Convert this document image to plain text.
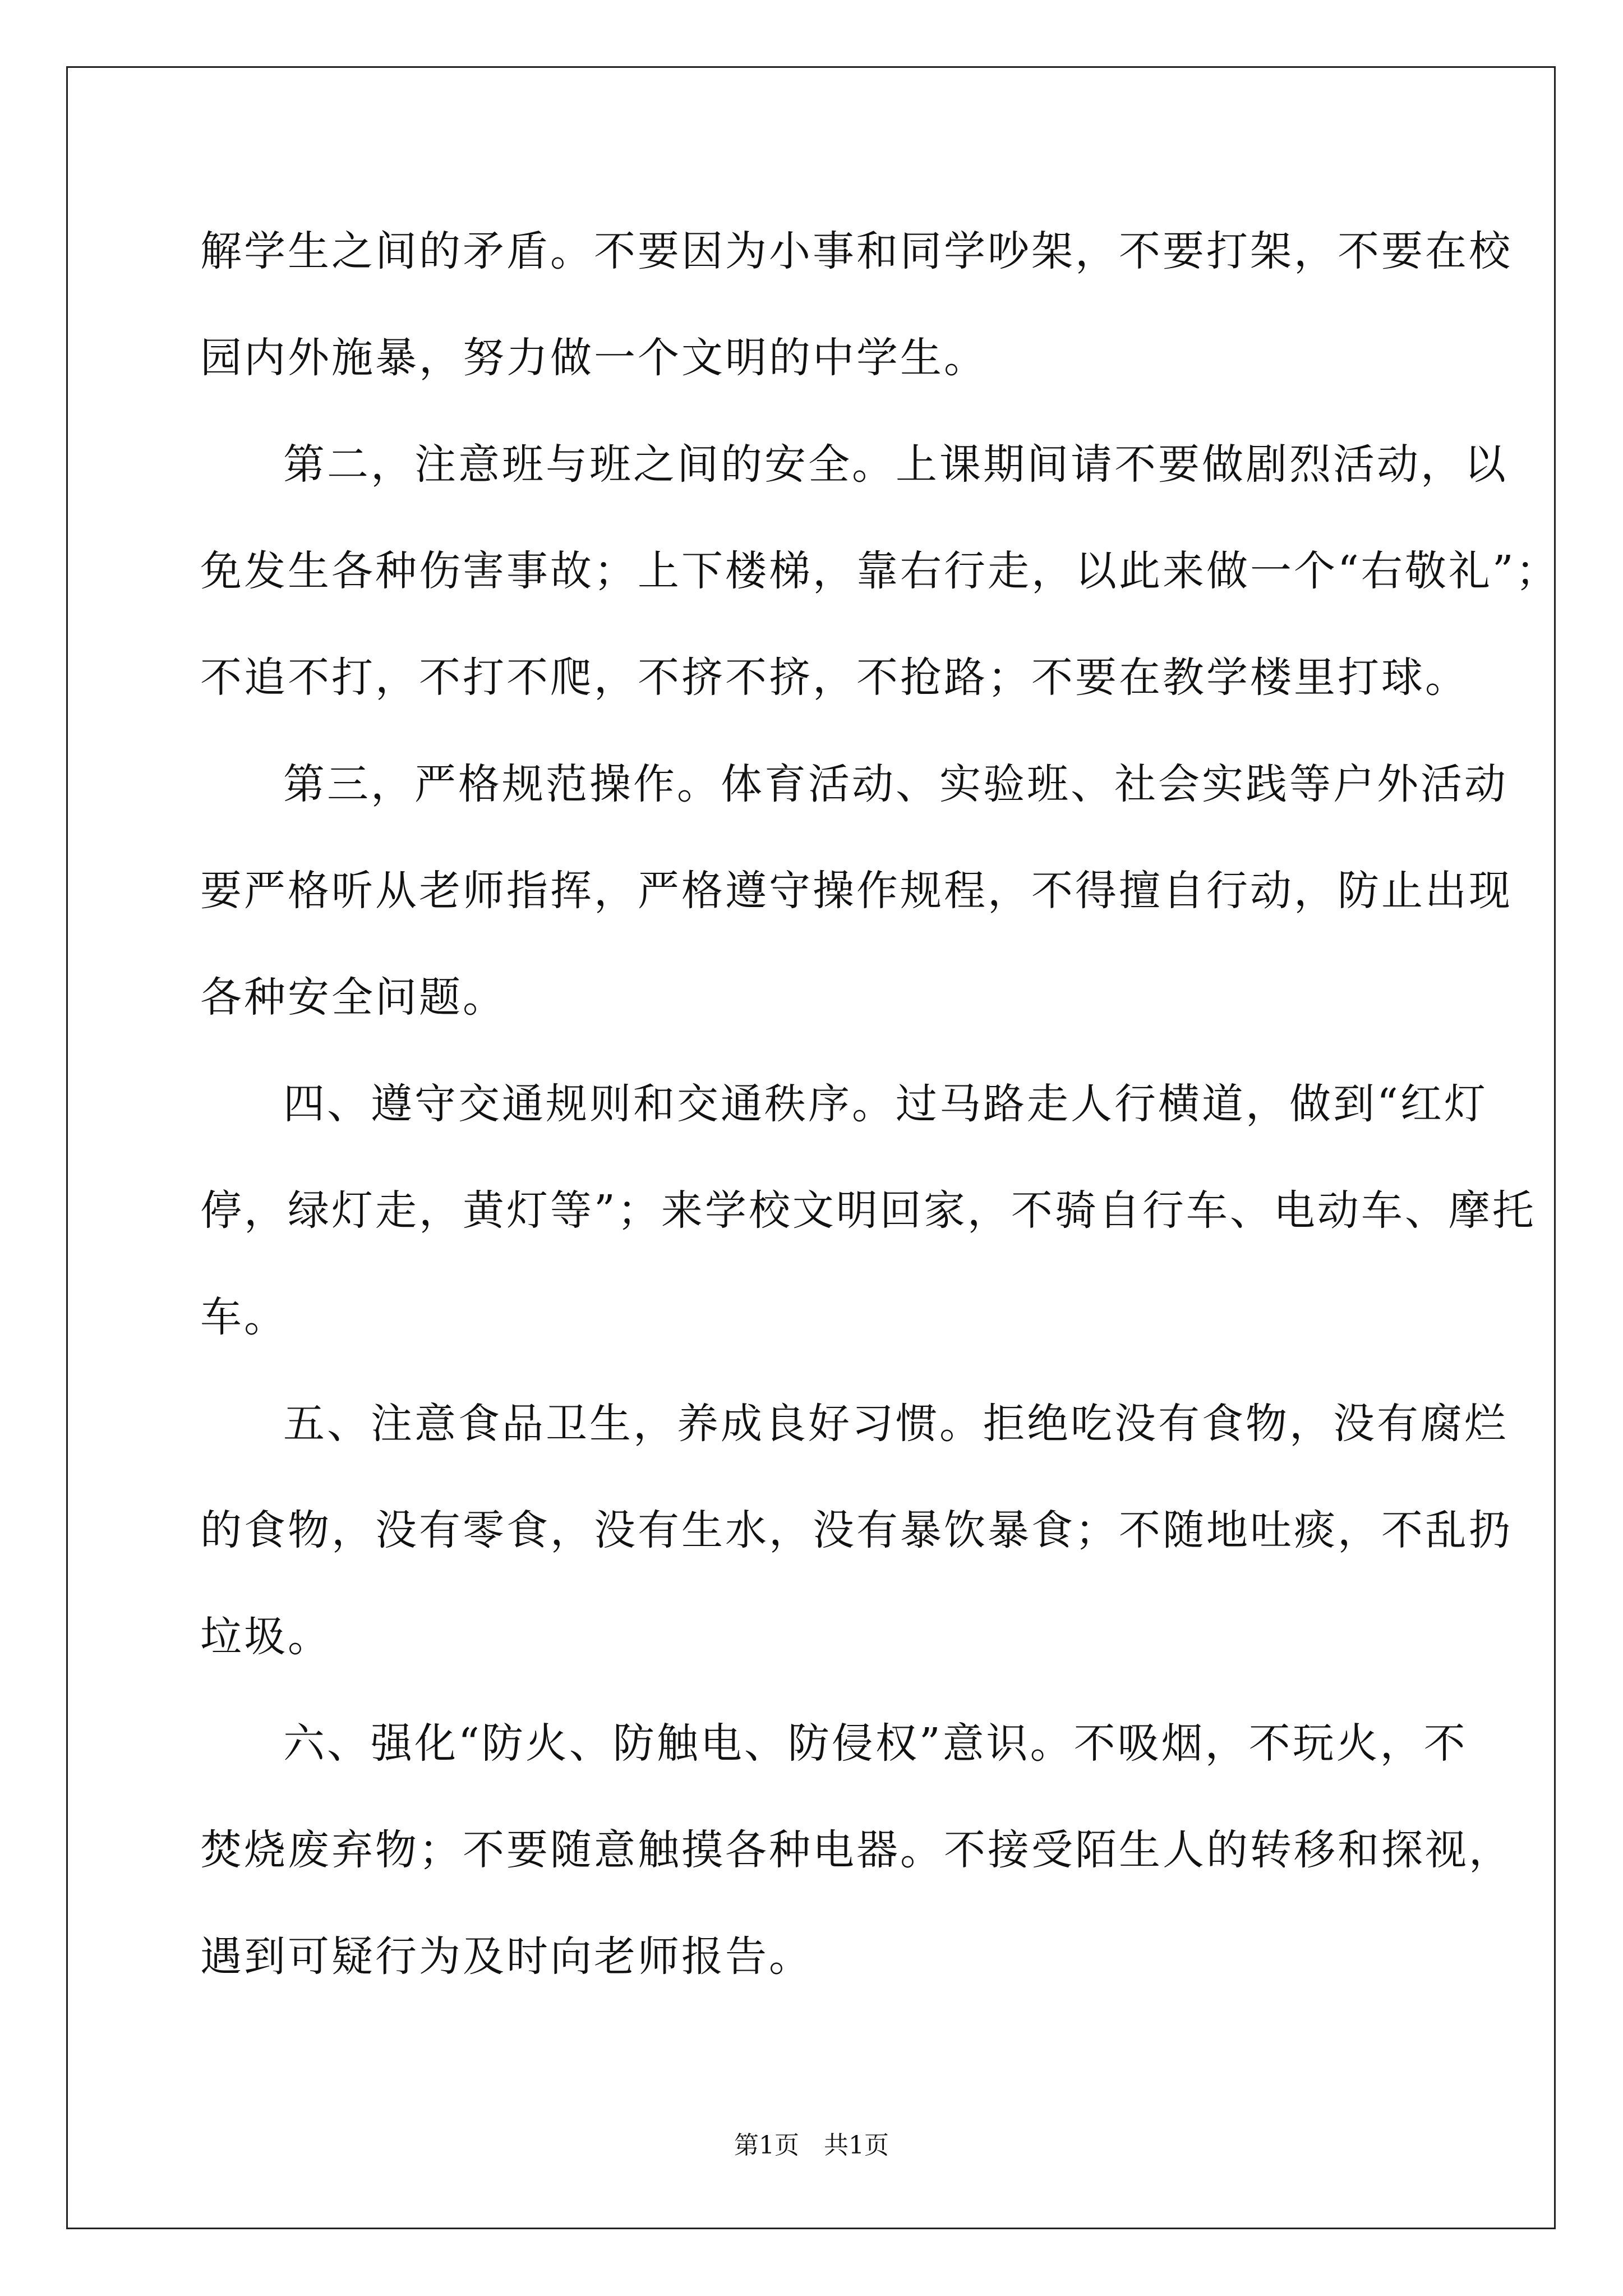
解学生之间的矛盾。不要因为小事和同学吵架，不要打架，不要在校
园内外施暴，努力做一个文明的中学生。
第二，注意班与班之间的安全。上课期间请不要做剧烈活动，以
免发生各种伤害事故；上下楼梯，靠右行走，以此来做一个“右敬礼”；
不追不打，不打不爬，不挤不挤，不抢路；不要在教学楼里打球。
第三，严格规范操作。体育活动、实验班、社会实践等户外活动
要严格听从老师指挥，严格遵守操作规程，不得擅自行动，防止出现
各种安全问题。
四、遵守交通规则和交通秩序。过马路走人行横道，做到“红灯
停，绿灯走，黄灯等”；来学校文明回家，不骑自行车、电动车、摩托
车。
五、注意食品卫生，养成良好习惯。拒绝吃没有食物，没有腐烂
的食物，没有零食，没有生水，没有暴饮暴食；不随地吐痰，不乱扔
垃圾。
六、强化“防火、防触电、防侵权”意识。不吸烟，不玩火，不
焚烧废弃物；不要随意触摸各种电器。不接受陌生人的转移和探视，
遇到可疑行为及时向老师报告。
第1页　共1页
